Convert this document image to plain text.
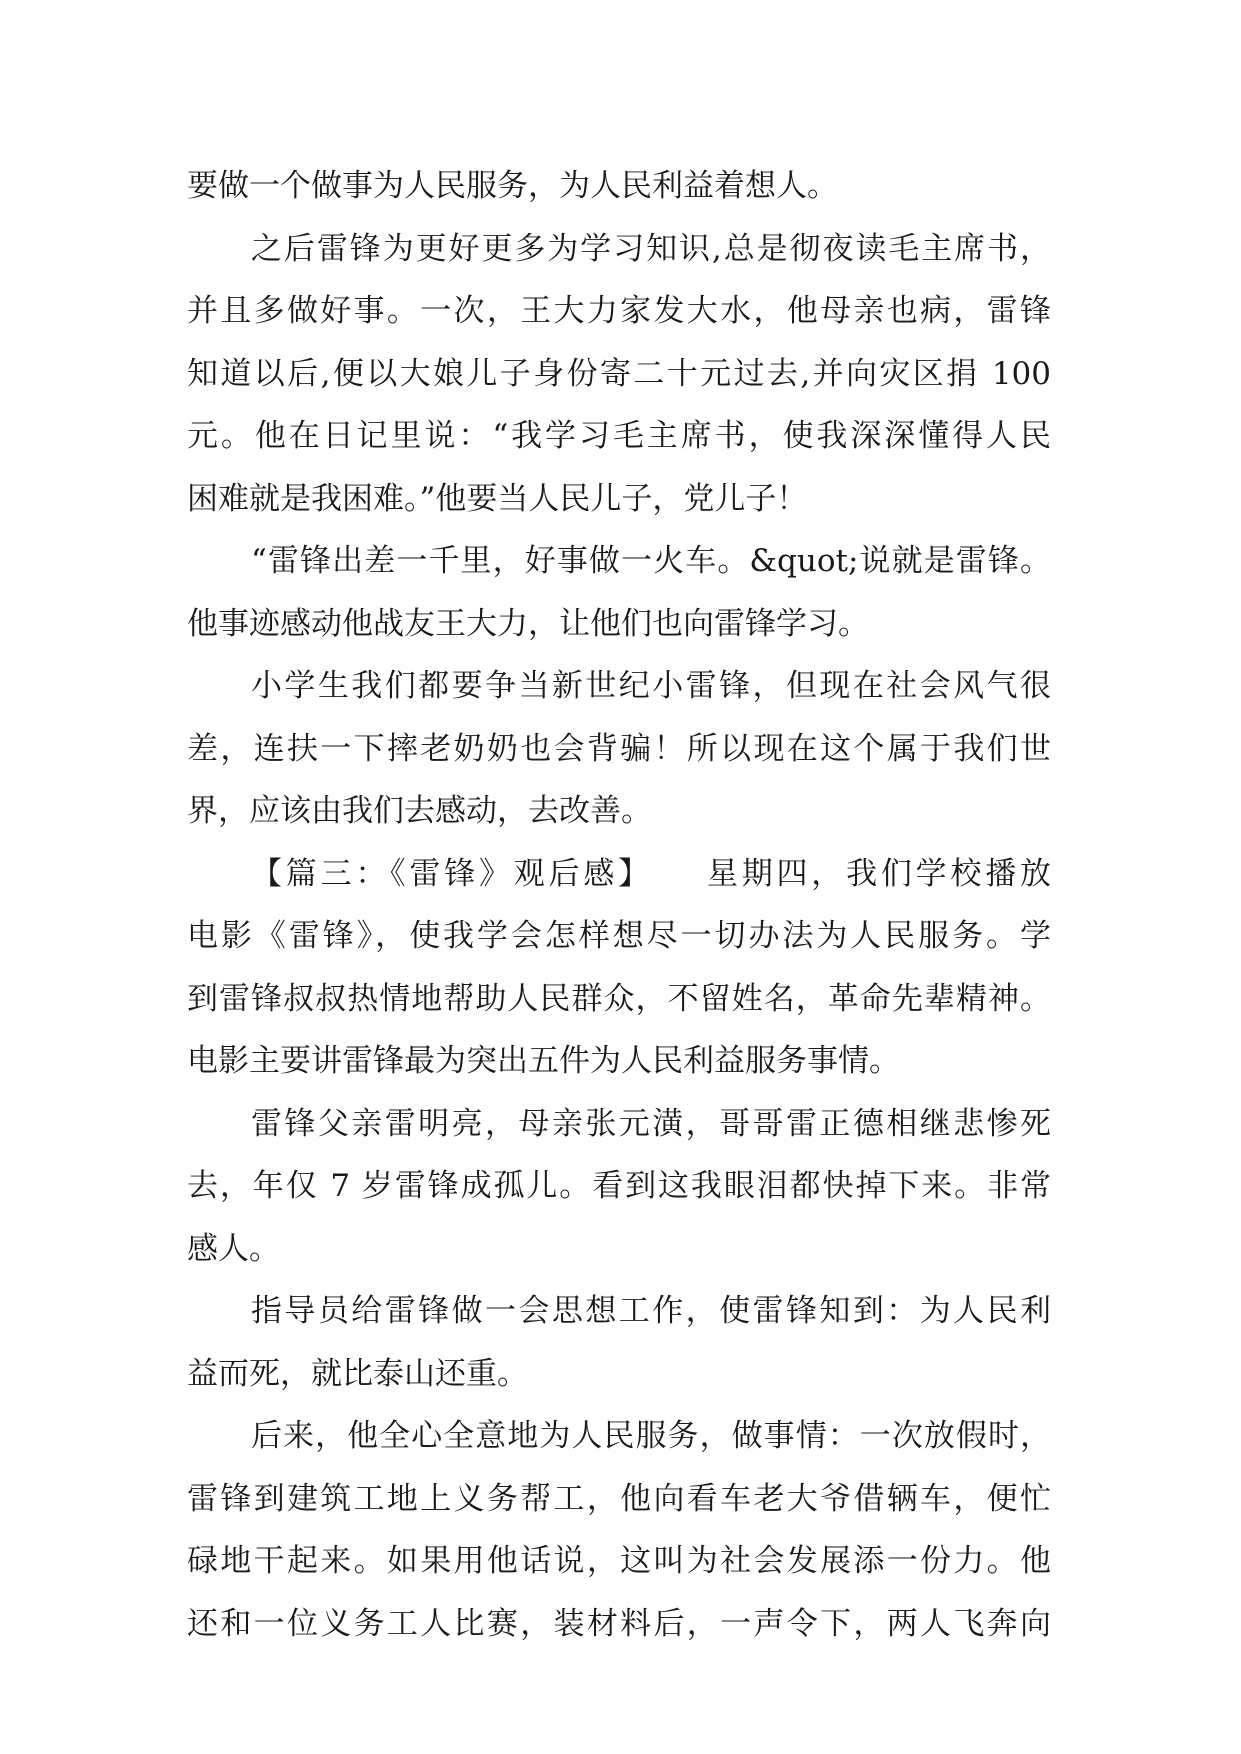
要做一个做事为人民服务，为人民利益着想人。
之后雷锋为更好更多为学习知识,总是彻夜读毛主席书，
并且多做好事。一次，王大力家发大水，他母亲也病，雷锋
知道以后,便以大娘儿子身份寄二十元过去,并向灾区捐 100
元。他在日记里说：“我学习毛主席书，使我深深懂得人民
困难就是我困难。”他要当人民儿子，党儿子！
“雷锋出差一千里，好事做一火车。&quot;说就是雷锋。
他事迹感动他战友王大力，让他们也向雷锋学习。
小学生我们都要争当新世纪小雷锋，但现在社会风气很
差，连扶一下摔老奶奶也会背骗！所以现在这个属于我们世
界，应该由我们去感动，去改善。
【篇三：《雷锋》观后感】　　星期四，我们学校播放
电影《雷锋》，使我学会怎样想尽一切办法为人民服务。学
到雷锋叔叔热情地帮助人民群众，不留姓名，革命先辈精神。
电影主要讲雷锋最为突出五件为人民利益服务事情。
雷锋父亲雷明亮，母亲张元潢，哥哥雷正德相继悲惨死
去，年仅 7 岁雷锋成孤儿。看到这我眼泪都快掉下来。非常
感人。
指导员给雷锋做一会思想工作，使雷锋知到：为人民利
益而死，就比泰山还重。
后来，他全心全意地为人民服务，做事情：一次放假时，
雷锋到建筑工地上义务帮工，他向看车老大爷借辆车，便忙
碌地干起来。如果用他话说，这叫为社会发展添一份力。他
还和一位义务工人比赛，装材料后，一声令下，两人飞奔向
